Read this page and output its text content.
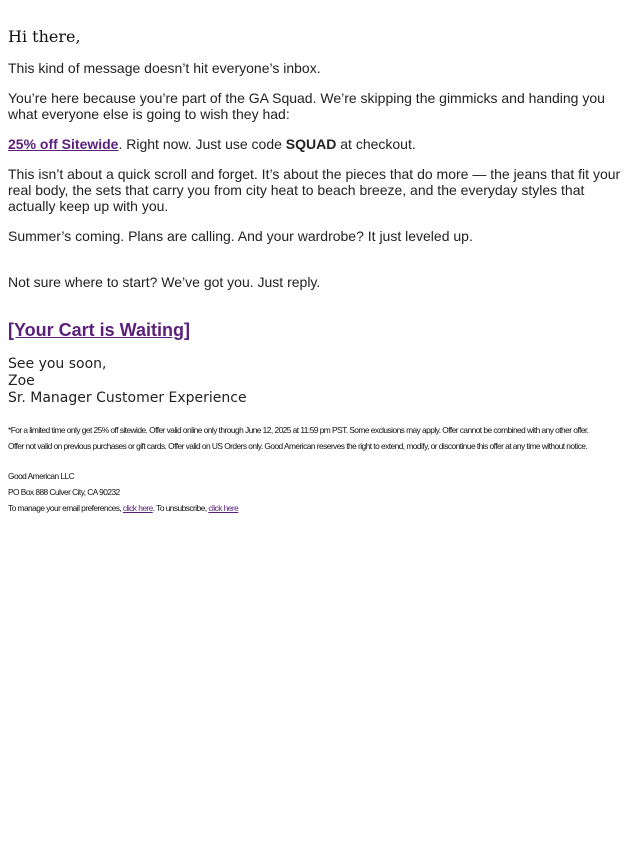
Hi there,
This kind of message doesn’t hit everyone’s inbox.
You’re here because you’re part of the GA Squad. We’re skipping the gimmicks and handing you what everyone else is going to wish they had:
25% off Sitewide. Right now. Just use code SQUAD at checkout.
This isn’t about a quick scroll and forget. It’s about the pieces that do more — the jeans that fit your real body, the sets that carry you from city heat to beach breeze, and the everyday styles that actually keep up with you.
Summer’s coming. Plans are calling. And your wardrobe? It just leveled up.
Not sure where to start? We’ve got you. Just reply.
[Your Cart is Waiting]
See you soon,
Zoe
Sr. Manager Customer Experience
*For a limited time only get 25% off sitewide. Offer valid online only through June 12, 2025 at 11:59 pm PST. Some exclusions may apply. Offer cannot be combined with any other offer.
Offer not valid on previous purchases or gift cards. Offer valid on US Orders only. Good American reserves the right to extend, modify, or discontinue this offer at any time without notice.
Good American LLC
PO Box 888 Culver City, CA 90232
To manage your email preferences, click here. To unsubscribe, click here
